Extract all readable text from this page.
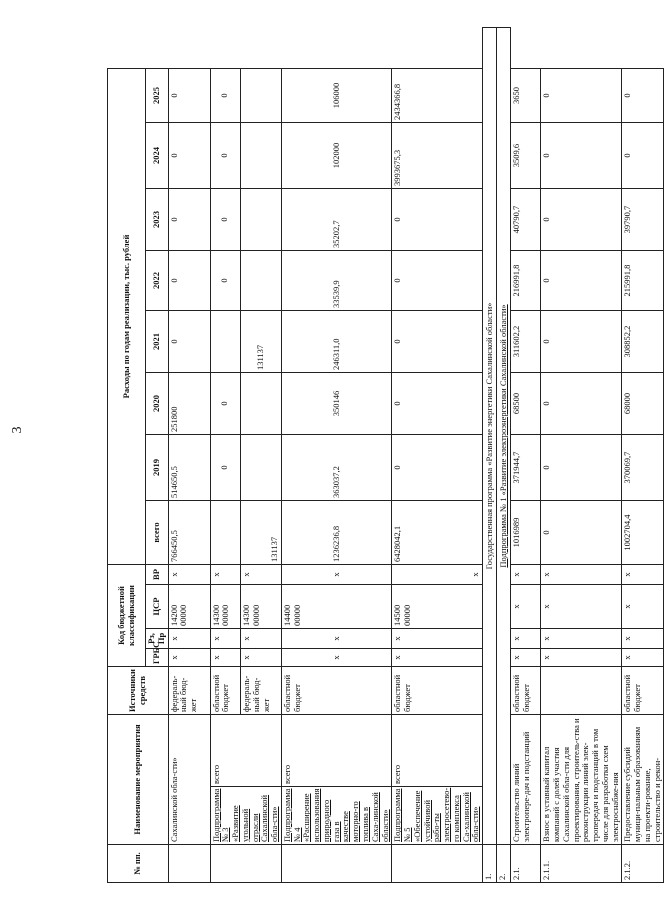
3
№ пп.	Наименование мероприятия		Источники средств	Код бюджетной классификации				Расходы по годам реализации, тыс. рублей							
				ГРБС	Рз, Пр	ЦСР	ВР	всего	2019	2020	2021	2022	2023	2024	2025
	Сахалинской обла-сти»		федераль-ный бюд-жет	x	x	14200 00000	x	766450,5	514650,5	251800	0	0	0	0	0
	Подпрограмма № 3 «Развитие угольной отрасли Сахалинской обла-сти»	всего	областной бюджет	x	x	14300 00000	x		0	0		0	0	0	0
			федераль-ный бюд-жет	x	x	14300 00000	x	131137			131137				
	Подпрограмма № 4 «Расширение использования природного газа в качестве моторно-го топлива в Саха-линской области»	всего	областной бюджет	x	x	14400 00000	x	1236236,8	363037,2	350146	246311,0	33539,9	35202,7	102000	106000
	Подпрограмма № 5 «Обеспечение устойчивой рабо-ты электросетево-го комплекса Са-халинской обла-сти»	всего	областной бюджет	x	x	14500 00000	x	6428042,1	0	0	0	0	0	3993675,3	2434366,8
1.	Государственная программа «Развитие энергетики Сахалинской области»														
2.	Подпрограмма № 1 «Развитие электроэнергетики Сахалинской области»														
2.1.	Строительство линий электропере-дач и подстанций		областной бюджет	x	x	x	x	1016989	371944,7	68500	311602,2	216991,8	40790,7	3509,6	3650
2.1.1.	Взнос в уставный капитал компаний с долей участия Сахалинской обла-сти для проектирования, строитель-ства и реконструкции линий элек-тропередач и подстанций в том числе для разработки схем электроснабже-ния			x	x	x	x	0	0	0	0	0	0	0	0
2.1.2.	Предоставление субсидий муници-пальным образованиям на проекти-рование, строительство и рекон-		областной бюджет	x	x	x	x	1002704,4	370069,7	68000	308852,2	215991,8	39790,7	0	0
